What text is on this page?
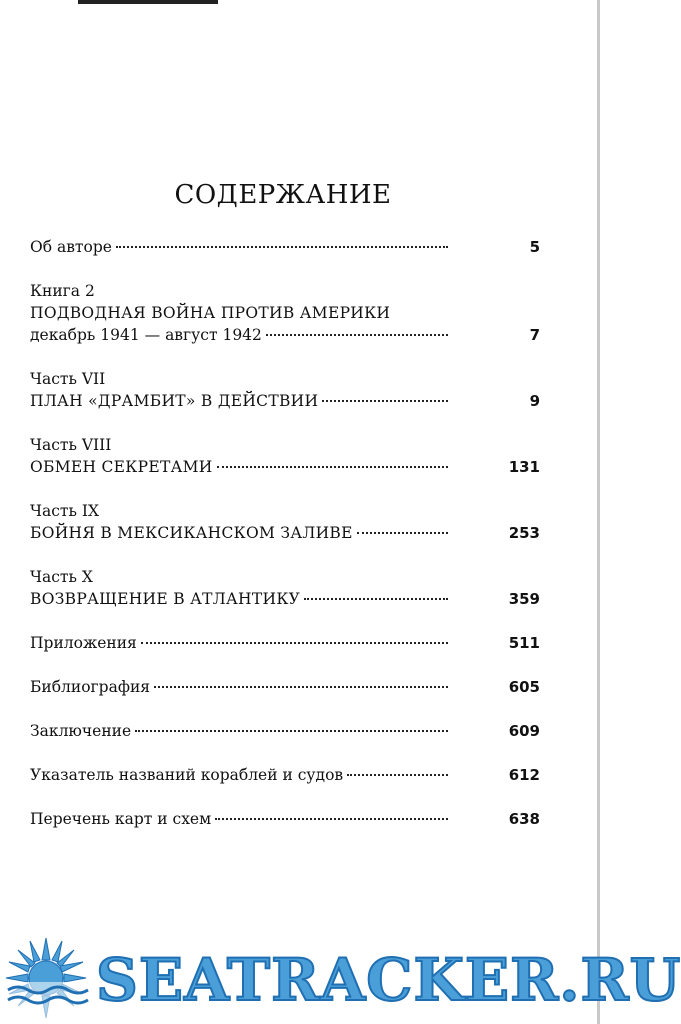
СОДЕРЖАНИЕ
Об авторе	5
Книга 2
ПОДВОДНАЯ ВОЙНА ПРОТИВ АМЕРИКИ
декабрь 1941 — август 1942	7
Часть VII
ПЛАН «ДРАМБИТ» В ДЕЙСТВИИ	9
Часть VIII
ОБМЕН СЕКРЕТАМИ	131
Часть IX
БОЙНЯ В МЕКСИКАНСКОМ ЗАЛИВЕ	253
Часть X
ВОЗВРАЩЕНИЕ В АТЛАНТИКУ	359
Приложения	511
Библиография	605
Заключение	609
Указатель названий кораблей и судов	612
Перечень карт и схем	638
SEATRACKER.RU
